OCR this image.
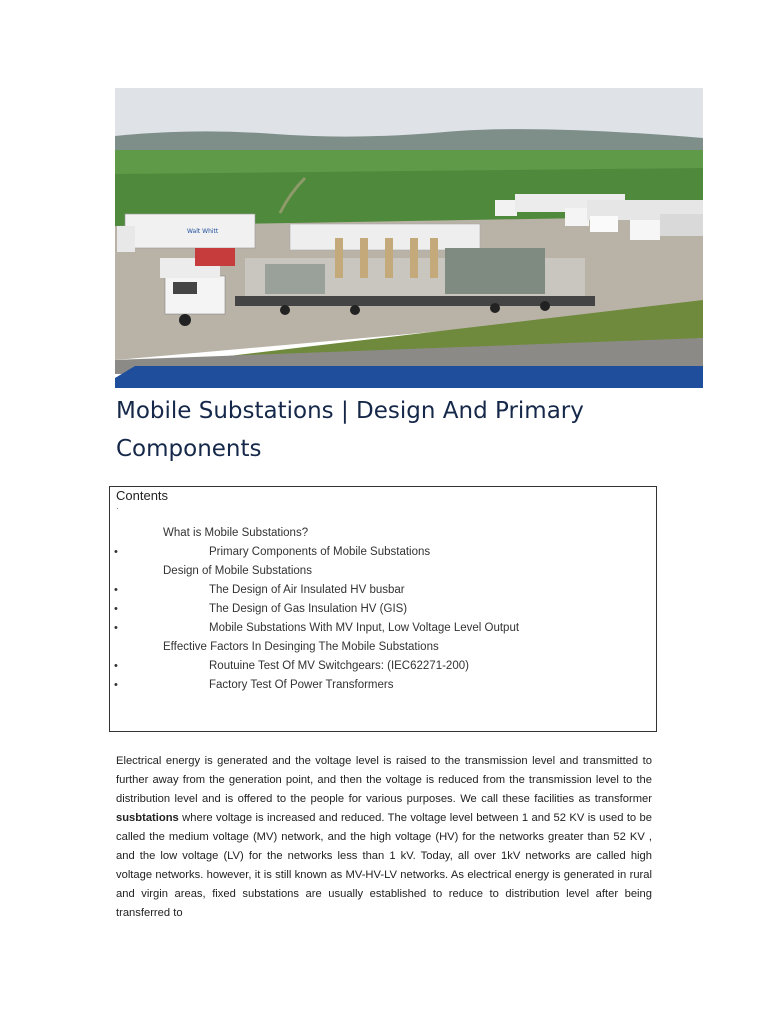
Walt Whitt
Mobile Substations | Design And Primary Components
Contents
·
What is Mobile Substations?
•	Primary Components of Mobile Substations
Design of Mobile Substations
•	The Design of Air Insulated HV busbar
•	The Design of Gas Insulation HV (GIS)
•	Mobile Substations With MV Input, Low Voltage Level Output
Effective Factors In Desinging The Mobile Substations
•	Routuine Test Of MV Switchgears: (IEC62271-200)
•	Factory Test Of Power Transformers

Electrical energy is generated and the voltage level is raised to the transmission level and transmitted to further away from the generation point, and then the voltage is reduced from the transmission level to the distribution level and is offered to the people for various purposes. We call these facilities as transformer susbtations where voltage is increased and reduced. The voltage level between 1 and 52 KV is used to be called the medium voltage (MV) network, and the high voltage (HV) for the networks greater than 52 KV , and the low voltage (LV) for the networks less than 1 kV. Today, all over 1kV networks are called high voltage networks. however, it is still known as MV-HV-LV networks. As electrical energy is generated in rural and virgin areas, fixed substations are usually established to reduce to distribution level after being transferred to
